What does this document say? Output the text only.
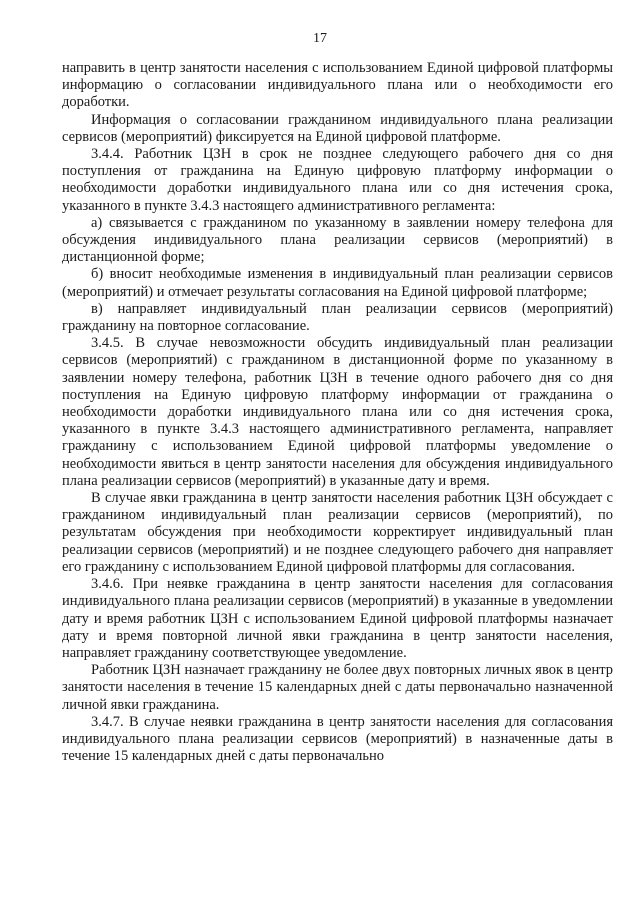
17

направить в центр занятости населения с использованием Единой цифровой платформы информацию о согласовании индивидуального плана или о необходимости его доработки.

Информация о согласовании гражданином индивидуального плана реализации сервисов (мероприятий) фиксируется на Единой цифровой платформе.

3.4.4. Работник ЦЗН в срок не позднее следующего рабочего дня со дня поступления от гражданина на Единую цифровую платформу информации о необходимости доработки индивидуального плана или со дня истечения срока, указанного в пункте 3.4.3 настоящего административного регламента:

а) связывается с гражданином по указанному в заявлении номеру телефона для обсуждения индивидуального плана реализации сервисов (мероприятий) в дистанционной форме;

б) вносит необходимые изменения в индивидуальный план реализации сервисов (мероприятий) и отмечает результаты согласования на Единой цифровой платформе;

в) направляет индивидуальный план реализации сервисов (мероприятий) гражданину на повторное согласование.

3.4.5. В случае невозможности обсудить индивидуальный план реализации сервисов (мероприятий) с гражданином в дистанционной форме по указанному в заявлении номеру телефона, работник ЦЗН в течение одного рабочего дня со дня поступления на Единую цифровую платформу информации от гражданина о необходимости доработки индивидуального плана или со дня истечения срока, указанного в пункте 3.4.3 настоящего административного регламента, направляет гражданину с использованием Единой цифровой платформы уведомление о необходимости явиться в центр занятости населения для обсуждения индивидуального плана реализации сервисов (мероприятий) в указанные дату и время.

В случае явки гражданина в центр занятости населения работник ЦЗН обсуждает с гражданином индивидуальный план реализации сервисов (мероприятий), по результатам обсуждения при необходимости корректирует индивидуальный план реализации сервисов (мероприятий) и не позднее следующего рабочего дня направляет его гражданину с использованием Единой цифровой платформы для согласования.

3.4.6. При неявке гражданина в центр занятости населения для согласования индивидуального плана реализации сервисов (мероприятий) в указанные в уведомлении дату и время работник ЦЗН с использованием Единой цифровой платформы назначает дату и время повторной личной явки гражданина в центр занятости населения, направляет гражданину соответствующее уведомление.

Работник ЦЗН назначает гражданину не более двух повторных личных явок в центр занятости населения в течение 15 календарных дней с даты первоначально назначенной личной явки гражданина.

3.4.7. В случае неявки гражданина в центр занятости населения для согласования индивидуального плана реализации сервисов (мероприятий) в назначенные даты в течение 15 календарных дней с даты первоначально
